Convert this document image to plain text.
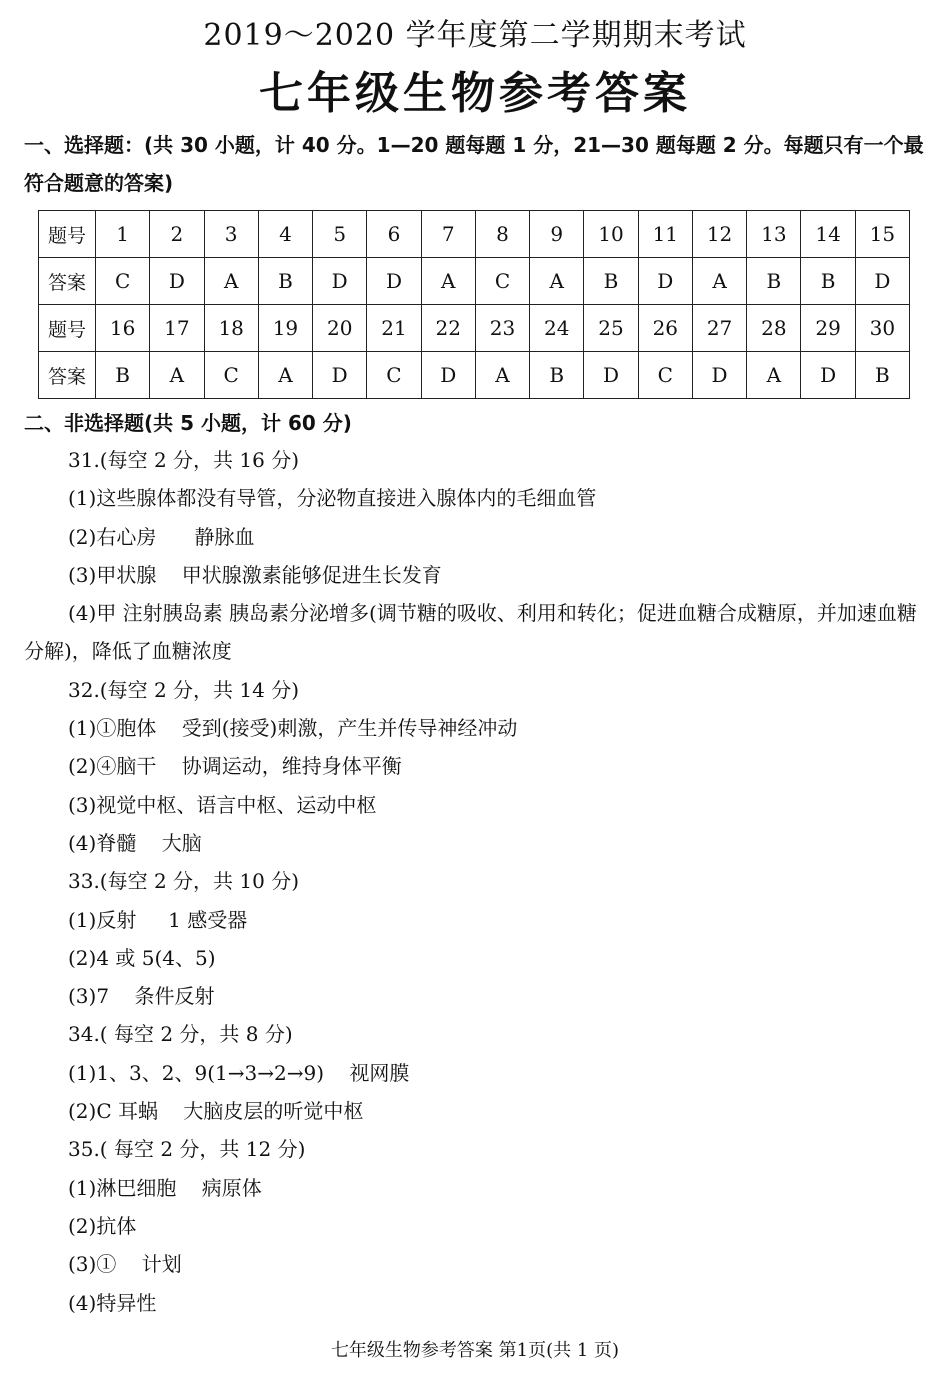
2019～2020 学年度第二学期期末考试
七年级生物参考答案
一、选择题：(共 30 小题，计 40 分。1—20 题每题 1 分，21—30 题每题 2 分。每题只有一个最符合题意的答案)
题号	1	2	3	4	5	6	7	8	9	10	11	12	13	14	15
答案	C	D	A	B	D	D	A	C	A	B	D	A	B	B	D
题号	16	17	18	19	20	21	22	23	24	25	26	27	28	29	30
答案	B	A	C	A	D	C	D	A	B	D	C	D	A	D	B
二、非选择题(共 5 小题，计 60 分)
31.(每空 2 分，共 16 分)
(1)这些腺体都没有导管，分泌物直接进入腺体内的毛细血管
(2)右心房      静脉血
(3)甲状腺    甲状腺激素能够促进生长发育
(4)甲 注射胰岛素 胰岛素分泌增多(调节糖的吸收、利用和转化；促进血糖合成糖原，并加速血糖分解)，降低了血糖浓度
32.(每空 2 分，共 14 分)
(1)①胞体    受到(接受)刺激，产生并传导神经冲动
(2)④脑干    协调运动，维持身体平衡
(3)视觉中枢、语言中枢、运动中枢
(4)脊髓    大脑
33.(每空 2 分，共 10 分)
(1)反射     1 感受器
(2)4 或 5(4、5)
(3)7    条件反射
34.( 每空 2 分，共 8 分)
(1)1、3、2、9(1→3→2→9)    视网膜
(2)C 耳蜗    大脑皮层的听觉中枢
35.( 每空 2 分，共 12 分)
(1)淋巴细胞    病原体
(2)抗体
(3)①    计划
(4)特异性
七年级生物参考答案 第1页(共 1 页)
